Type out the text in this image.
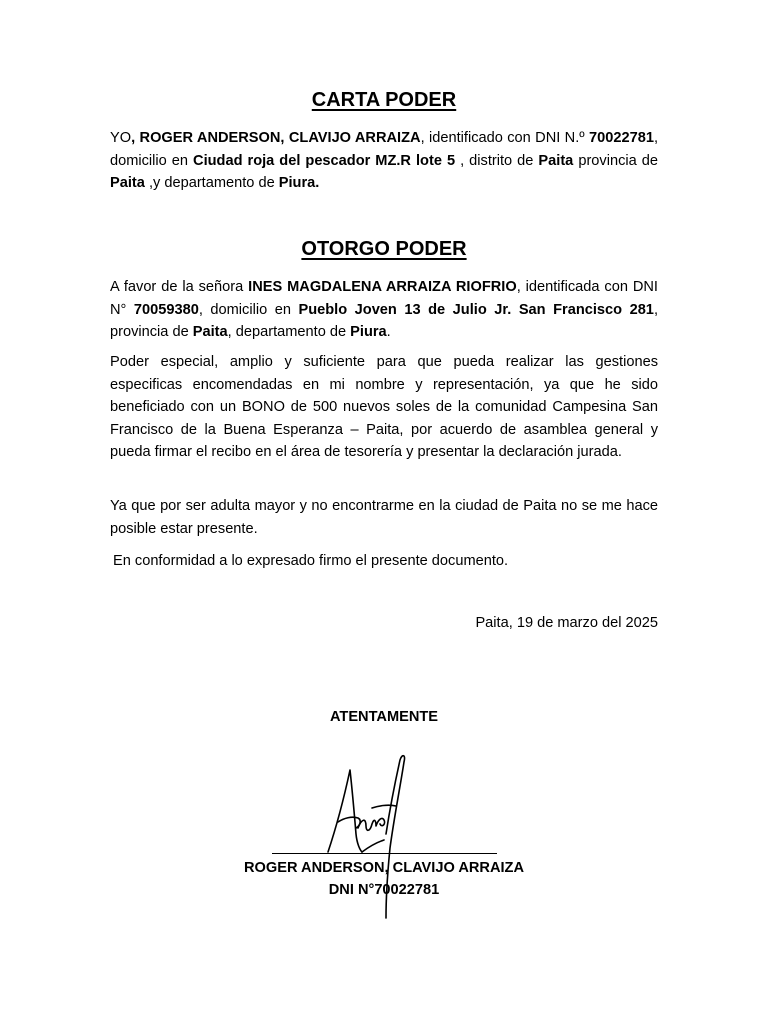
CARTA PODER

YO, ROGER ANDERSON, CLAVIJO ARRAIZA, identificado con DNI N.º 70022781, domicilio en Ciudad roja del pescador MZ.R lote 5 , distrito de Paita provincia de Paita ,y departamento de Piura.

OTORGO PODER

A favor de la señora INES MAGDALENA ARRAIZA RIOFRIO, identificada con DNI N° 70059380, domicilio en Pueblo Joven 13 de Julio Jr. San Francisco 281, provincia de Paita, departamento de Piura.

Poder especial, amplio y suficiente para que pueda realizar las gestiones especificas encomendadas en mi nombre y representación, ya que he sido beneficiado con un BONO de 500 nuevos soles de la comunidad Campesina San Francisco de la Buena Esperanza – Paita, por acuerdo de asamblea general y pueda firmar el recibo en el área de tesorería y presentar la declaración jurada.

Ya que por ser adulta mayor y no encontrarme en la ciudad de Paita no se me hace posible estar presente.

En conformidad a lo expresado firmo el presente documento.

Paita, 19 de marzo del 2025

ATENTAMENTE

ROGER ANDERSON, CLAVIJO ARRAIZA
DNI N°70022781
